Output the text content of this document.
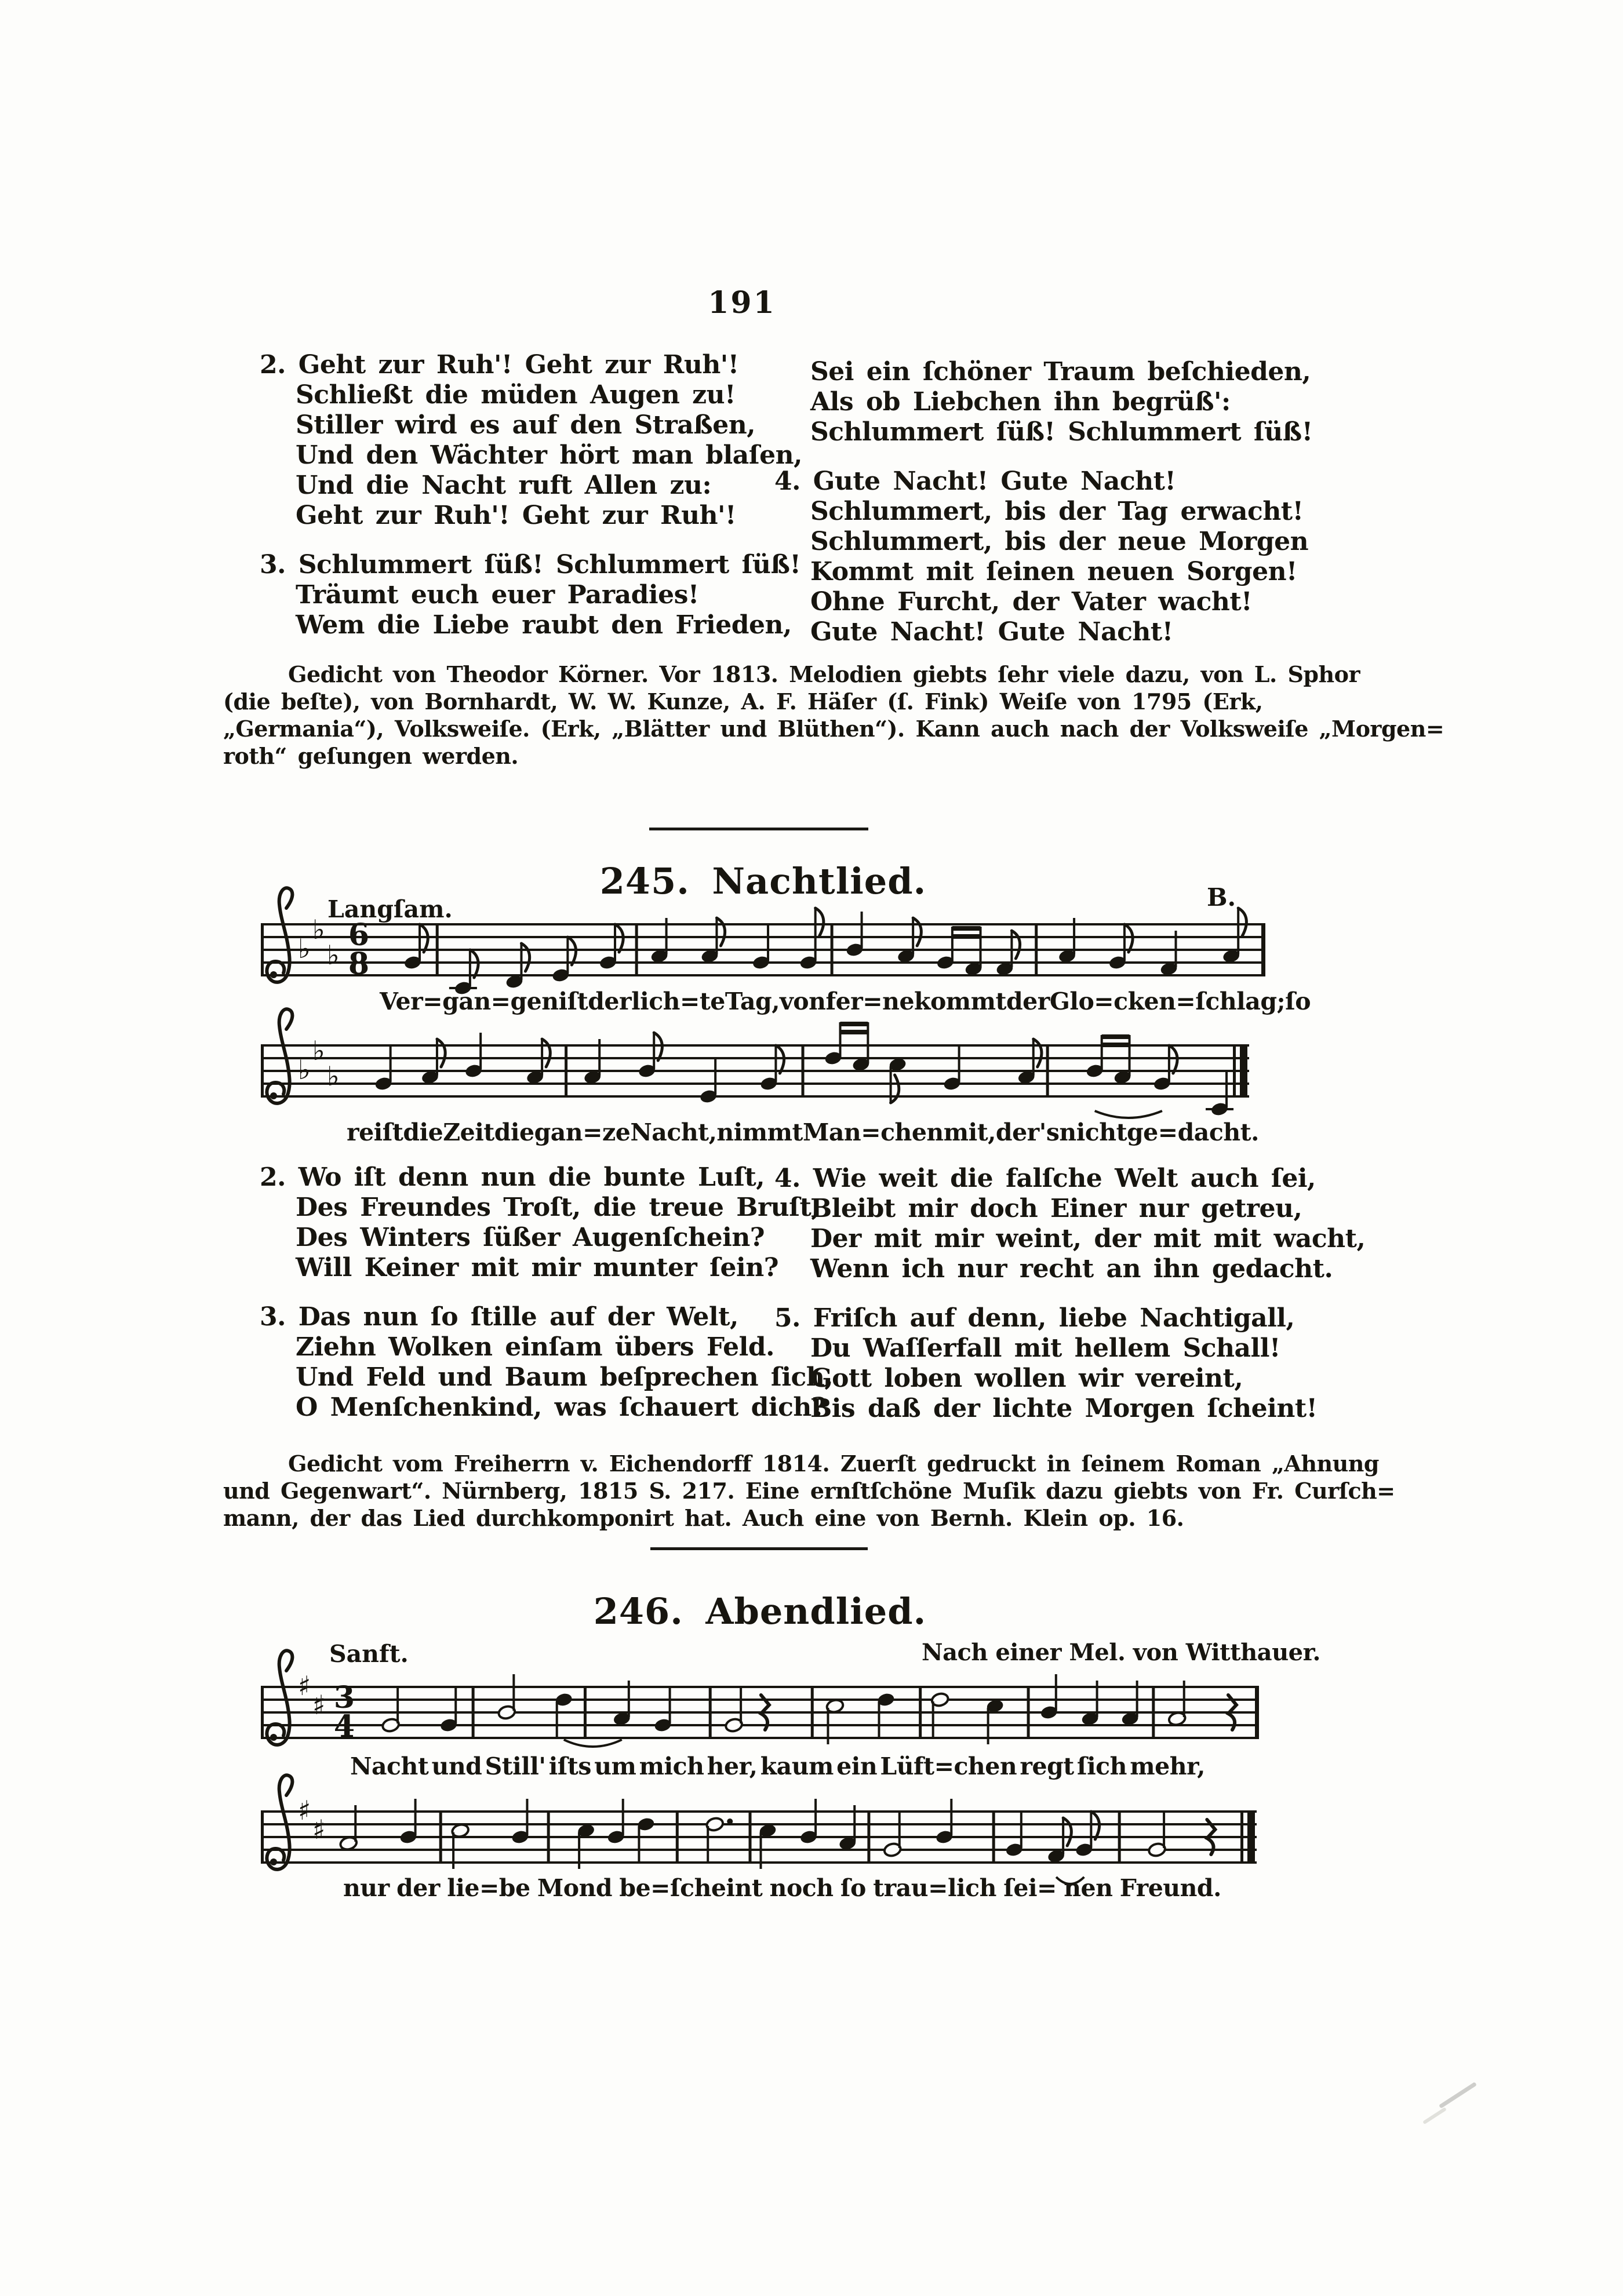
191
2. Geht zur Ruh'! Geht zur Ruh'!
Schließt die müden Augen zu!
Stiller wird es auf den Straßen,
Und den Wächter hört man blaſen,
Und die Nacht ruft Allen zu:
Geht zur Ruh'! Geht zur Ruh'!
3. Schlummert ſüß! Schlummert ſüß!
Träumt euch euer Paradies!
Wem die Liebe raubt den Frieden,
Sei ein ſchöner Traum beſchieden,
Als ob Liebchen ihn begrüß':
Schlummert ſüß! Schlummert ſüß!
4. Gute Nacht! Gute Nacht!
Schlummert, bis der Tag erwacht!
Schlummert, bis der neue Morgen
Kommt mit ſeinen neuen Sorgen!
Ohne Furcht, der Vater wacht!
Gute Nacht! Gute Nacht!
Gedicht von Theodor Körner. Vor 1813. Melodien giebts ſehr viele dazu, von L. Sphor
(die beſte), von Bornhardt, W. W. Kunze, A. F. Häſer (ſ. Fink) Weiſe von 1795 (Erk,
„Germania“), Volksweiſe. (Erk, „Blätter und Blüthen“). Kann auch nach der Volksweiſe „Morgen=
roth“ geſungen werden.
245. Nachtlied.
Langſam.	B.
♭
♭
♭
6
8
Ver=gan=gen iſt der lich=te Tag, von fer=ne kommt der Glo=cken=ſchlag; ſo
♭
♭
♭
reiſt die Zeit die gan=ze Nacht, nimmt Man=chen mit, der's nicht ge= dacht.
2. Wo iſt denn nun die bunte Luſt,
Des Freundes Troſt, die treue Bruſt,
Des Winters ſüßer Augenſchein?
Will Keiner mit mir munter ſein?
3. Das nun ſo ſtille auf der Welt,
Ziehn Wolken einſam übers Feld.
Und Feld und Baum beſprechen ſich,
O Menſchenkind, was ſchauert dich?
4. Wie weit die falſche Welt auch ſei,
Bleibt mir doch Einer nur getreu,
Der mit mir weint, der mit mit wacht,
Wenn ich nur recht an ihn gedacht.
5. Friſch auf denn, liebe Nachtigall,
Du Waſſerfall mit hellem Schall!
Gott loben wollen wir vereint,
Bis daß der lichte Morgen ſcheint!
Gedicht vom Freiherrn v. Eichendorff 1814. Zuerſt gedruckt in ſeinem Roman „Ahnung
und Gegenwart“. Nürnberg, 1815 S. 217. Eine ernſtſchöne Muſik dazu giebts von Fr. Curſch=
mann, der das Lied durchkomponirt hat. Auch eine von Bernh. Klein op. 16.
246. Abendlied.
Sanft.	Nach einer Mel. von Witthauer.
♯
♯ 3
4
Nacht und Still' iſts um mich her, kaum ein Lüft=chen regt ſich mehr,
♯
♯
nur der lie=be Mond be=ſcheint noch ſo trau=lich ſei= nen Freund.
